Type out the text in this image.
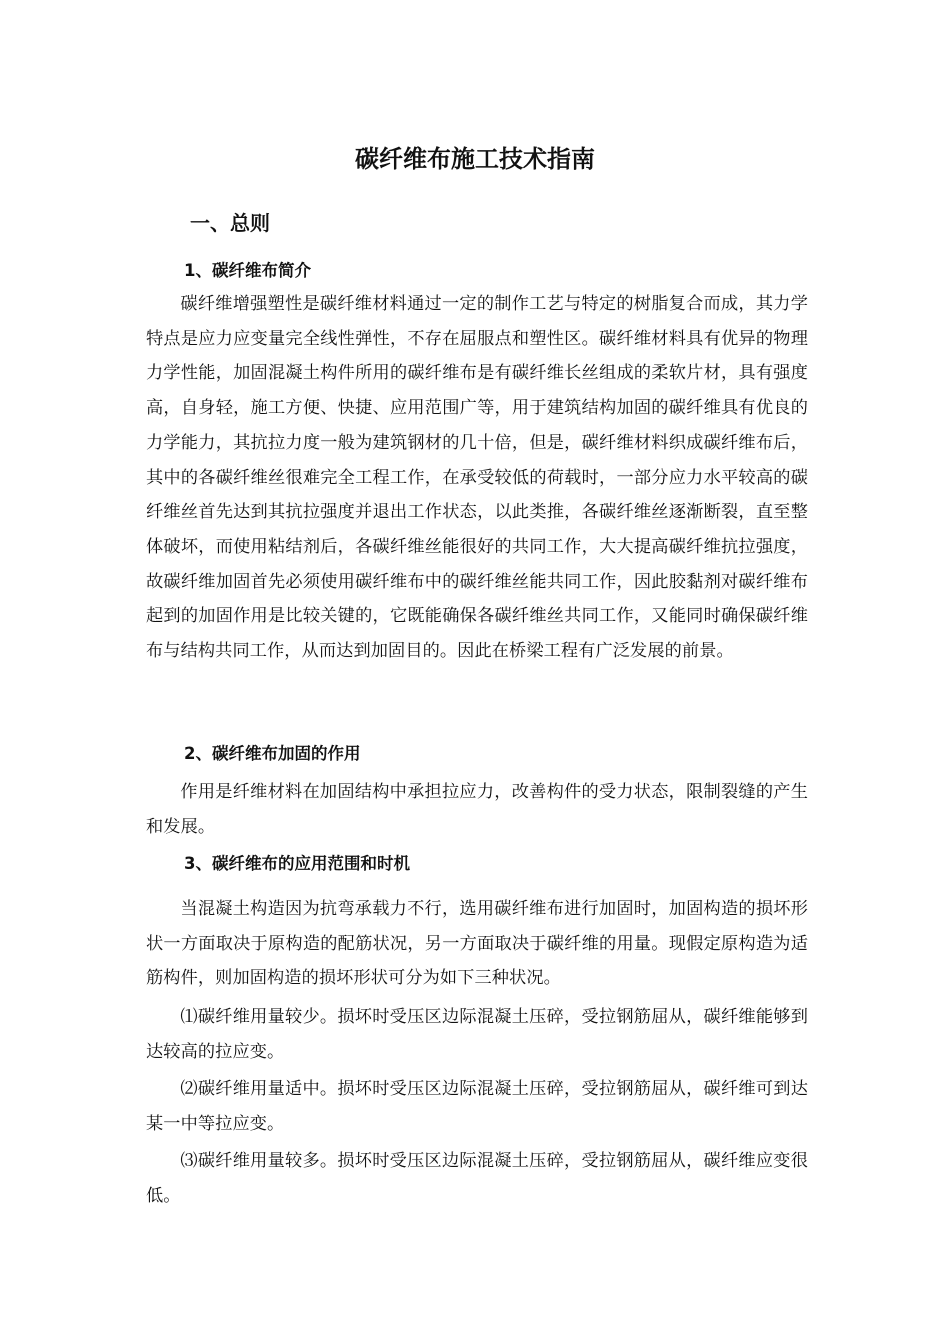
碳纤维布施工技术指南
一、总则
1、碳纤维布简介

碳纤维增强塑性是碳纤维材料通过一定的制作工艺与特定的树脂复合而成，其力学特点是应力应变量完全线性弹性，不存在屈服点和塑性区。碳纤维材料具有优异的物理力学性能，加固混凝土构件所用的碳纤维布是有碳纤维长丝组成的柔软片材，具有强度高，自身轻，施工方便、快捷、应用范围广等，用于建筑结构加固的碳纤维具有优良的力学能力，其抗拉力度一般为建筑钢材的几十倍，但是，碳纤维材料织成碳纤维布后，其中的各碳纤维丝很难完全工程工作，在承受较低的荷载时，一部分应力水平较高的碳纤维丝首先达到其抗拉强度并退出工作状态，以此类推，各碳纤维丝逐渐断裂，直至整体破坏，而使用粘结剂后，各碳纤维丝能很好的共同工作，大大提高碳纤维抗拉强度，故碳纤维加固首先必须使用碳纤维布中的碳纤维丝能共同工作，因此胶黏剂对碳纤维布起到的加固作用是比较关键的，它既能确保各碳纤维丝共同工作，又能同时确保碳纤维布与结构共同工作，从而达到加固目的。因此在桥梁工程有广泛发展的前景。

2、碳纤维布加固的作用

作用是纤维材料在加固结构中承担拉应力，改善构件的受力状态，限制裂缝的产生和发展。

3、碳纤维布的应用范围和时机

当混凝土构造因为抗弯承载力不行，选用碳纤维布进行加固时，加固构造的损坏形状一方面取决于原构造的配筋状况，另一方面取决于碳纤维的用量。现假定原构造为适筋构件，则加固构造的损坏形状可分为如下三种状况。

⑴碳纤维用量较少。损坏时受压区边际混凝土压碎，受拉钢筋屈从，碳纤维能够到达较高的拉应变。

⑵碳纤维用量适中。损坏时受压区边际混凝土压碎，受拉钢筋屈从，碳纤维可到达某一中等拉应变。

⑶碳纤维用量较多。损坏时受压区边际混凝土压碎，受拉钢筋屈从，碳纤维应变很低。
